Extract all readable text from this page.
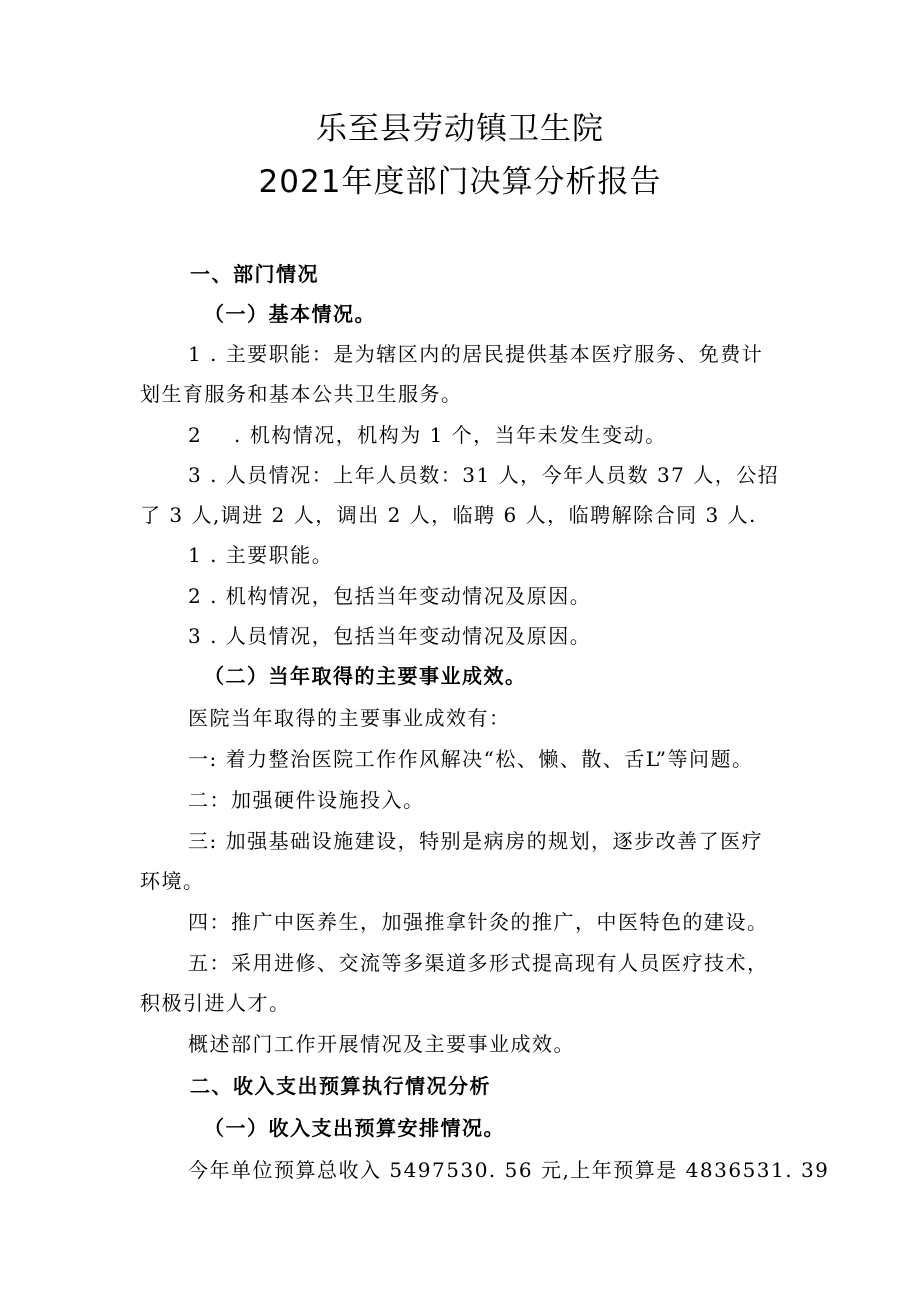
乐至县劳动镇卫生院
2021年度部门决算分析报告
一、部门情况
（一）基本情况。
1 . 主要职能：是为辖区内的居民提供基本医疗服务、免费计
划生育服务和基本公共卫生服务。
2 . 机构情况，机构为 1 个，当年未发生变动。
3 . 人员情况：上年人员数：31 人，今年人员数 37 人，公招
了 3 人,调进 2 人，调出 2 人，临聘 6 人，临聘解除合同 3 人.
1 . 主要职能。
2 . 机构情况，包括当年变动情况及原因。
3 . 人员情况，包括当年变动情况及原因。
（二）当年取得的主要事业成效。
医院当年取得的主要事业成效有：
一: 着力整治医院工作作风解决“松、懒、散、舌L”等问题。
二：加强硬件设施投入。
三: 加强基础设施建设，特别是病房的规划，逐步改善了医疗
环境。
四：推广中医养生，加强推拿针灸的推广，中医特色的建设。
五：采用进修、交流等多渠道多形式提高现有人员医疗技术，
积极引进人才。
概述部门工作开展情况及主要事业成效。
二、收入支出预算执行情况分析
（一）收入支出预算安排情况。
今年单位预算总收入 5497530. 56 元,上年预算是 4836531. 39
